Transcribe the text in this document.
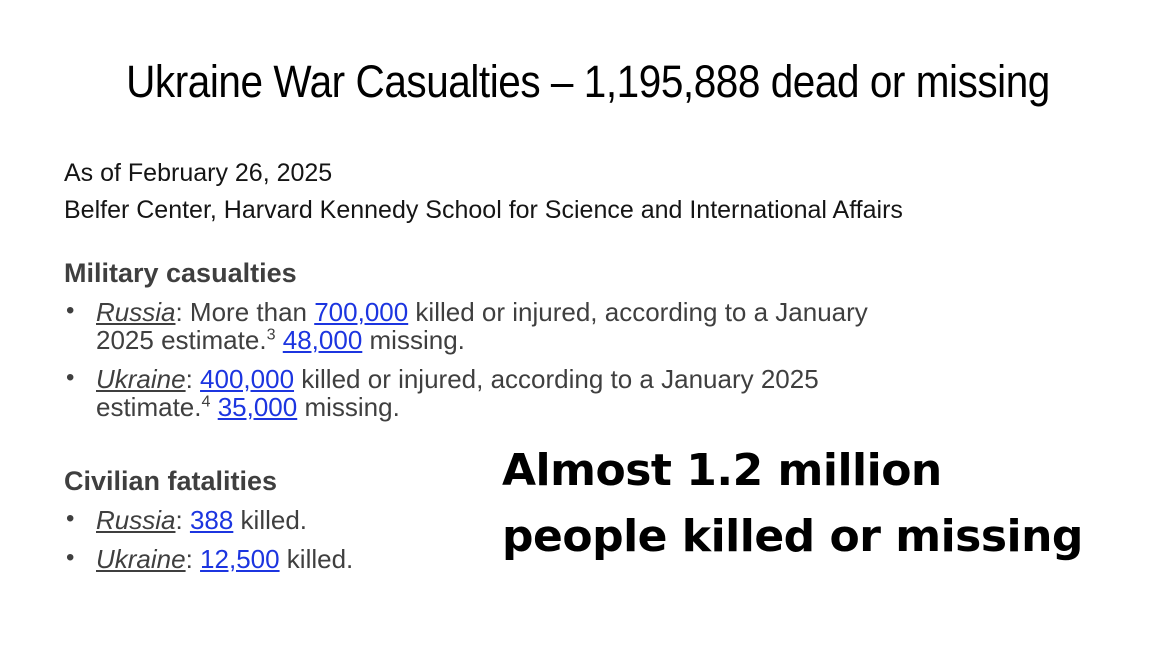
Ukraine War Casualties – 1,195,888 dead or missing
As of February 26, 2025
Belfer Center, Harvard Kennedy School for Science and International Affairs
Military casualties
• Russia: More than 700,000 killed or injured, according to a January
2025 estimate.$^3$ 48,000 missing.
• Ukraine: 400,000 killed or injured, according to a January 2025
estimate.$^4$ 35,000 missing.
Civilian fatalities
• Russia: 388 killed.
• Ukraine: 12,500 killed.
Almost 1.2 million
people killed or missing
